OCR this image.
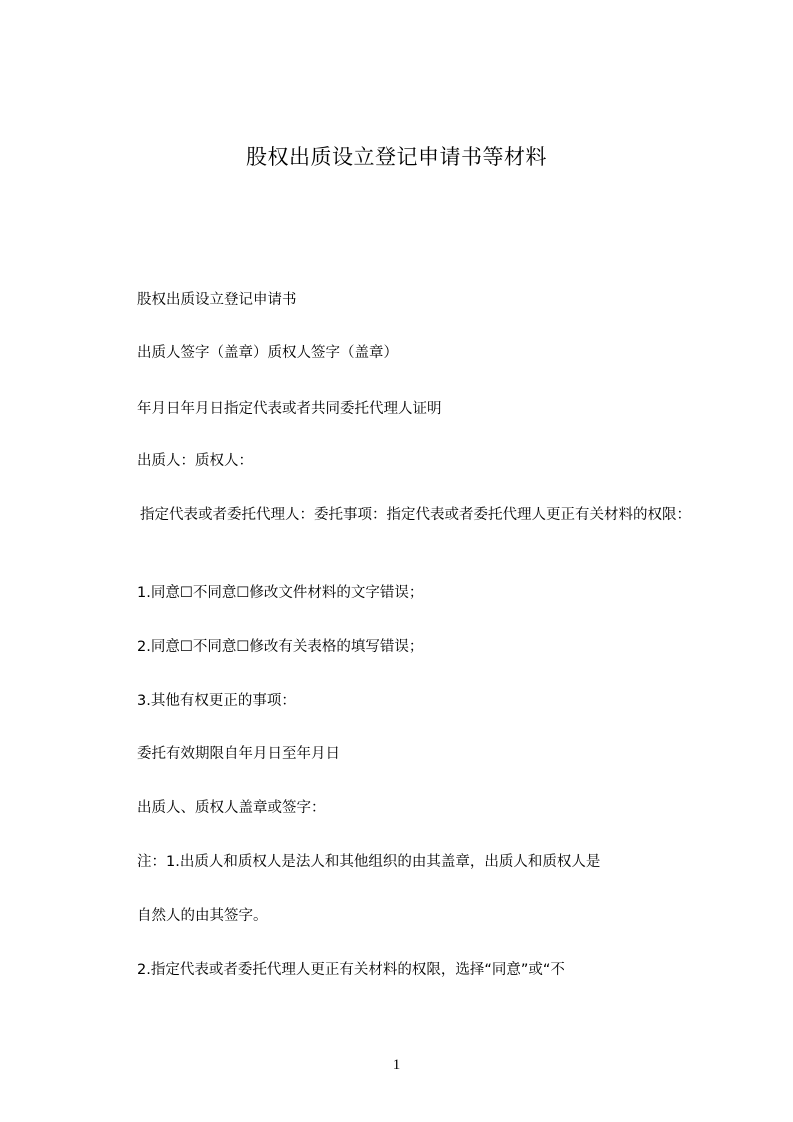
股权出质设立登记申请书等材料
股权出质设立登记申请书
出质人签字（盖章）质权人签字（盖章）
年月日年月日指定代表或者共同委托代理人证明
出质人：质权人：
指定代表或者委托代理人：委托事项：指定代表或者委托代理人更正有关材料的权限：
1.同意☐不同意☐修改文件材料的文字错误；
2.同意☐不同意☐修改有关表格的填写错误；
3.其他有权更正的事项：
委托有效期限自年月日至年月日
出质人、质权人盖章或签字：
注：1.出质人和质权人是法人和其他组织的由其盖章，出质人和质权人是
自然人的由其签字。
2.指定代表或者委托代理人更正有关材料的权限，选择“同意”或“不
1
